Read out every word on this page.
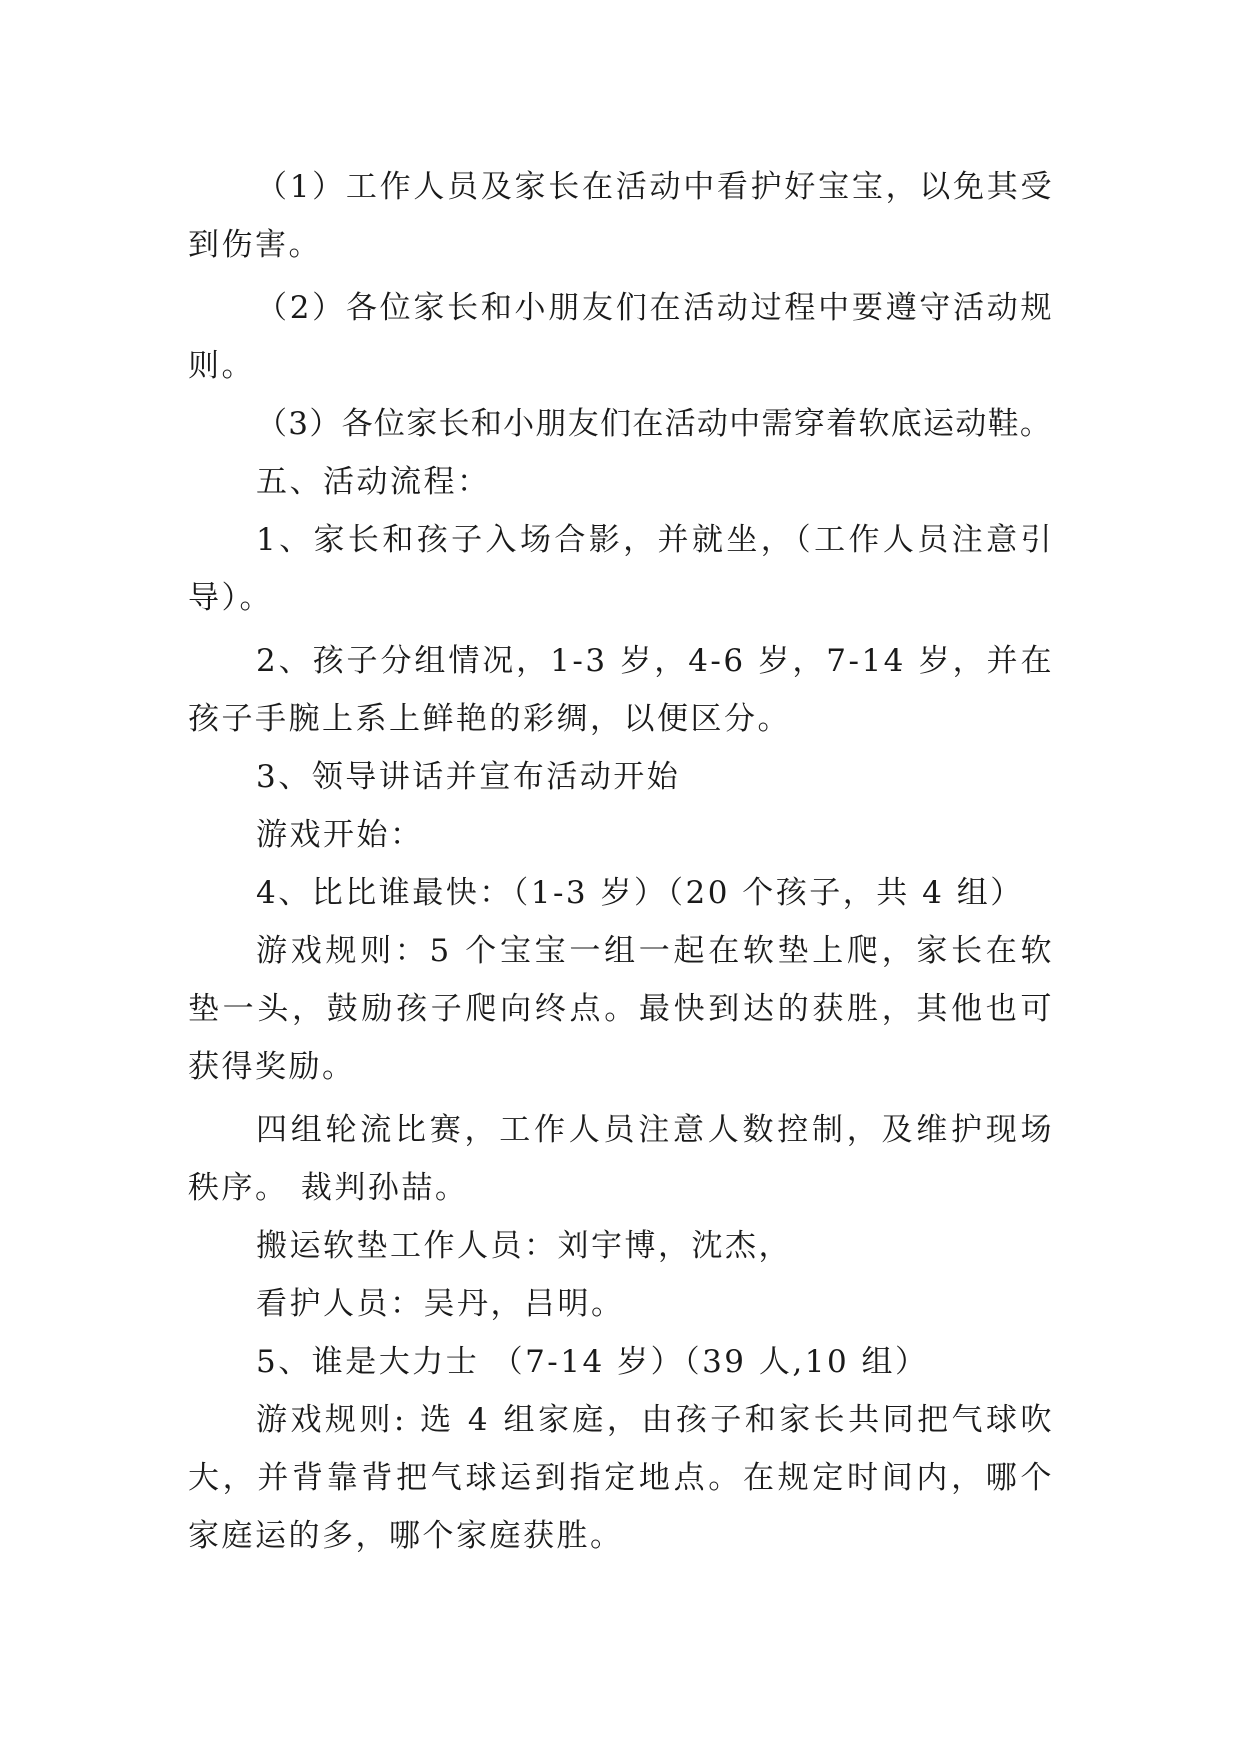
（1）工作人员及家长在活动中看护好宝宝，以免其受到伤害。

（2）各位家长和小朋友们在活动过程中要遵守活动规则。

（3）各位家长和小朋友们在活动中需穿着软底运动鞋。

五、活动流程：

1、家长和孩子入场合影，并就坐，（工作人员注意引导）。

2、孩子分组情况，1-3 岁，4-6 岁，7-14 岁，并在孩子手腕上系上鲜艳的彩绸，以便区分。

3、领导讲话并宣布活动开始

游戏开始：

4、比比谁最快：（1-3 岁）（20 个孩子，共 4 组）

游戏规则：5 个宝宝一组一起在软垫上爬，家长在软垫一头，鼓励孩子爬向终点。最快到达的获胜，其他也可获得奖励。

四组轮流比赛，工作人员注意人数控制，及维护现场秩序。 裁判孙喆。

搬运软垫工作人员：刘宇博，沈杰，

看护人员：吴丹，吕明。

5、谁是大力士 （7-14 岁）（39 人,10 组）

游戏规则: 选 4 组家庭，由孩子和家长共同把气球吹大，并背靠背把气球运到指定地点。在规定时间内，哪个家庭运的多，哪个家庭获胜。
